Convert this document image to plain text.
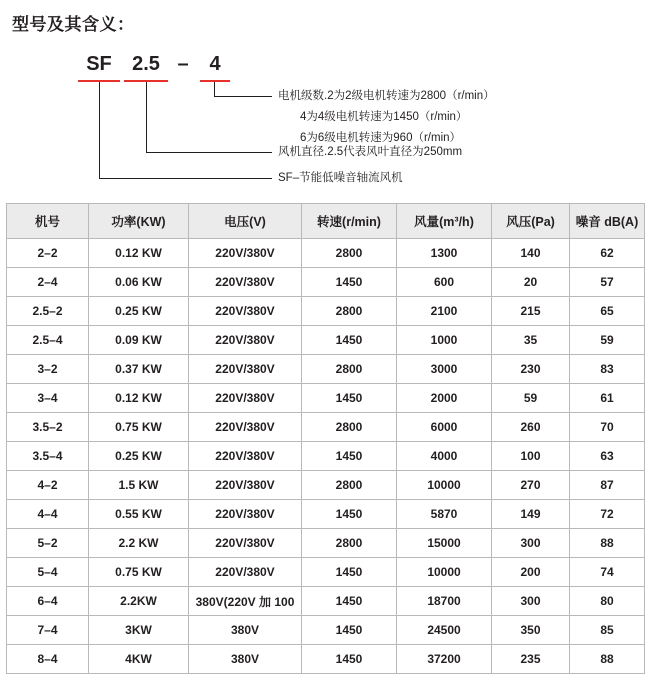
型号及其含义：
SF	2.5 –	4
电机级数.2为2级电机转速为2800（r/min）
4为4级电机转速为1450（r/min）
6为6级电机转速为960（r/min）
风机直径.2.5代表风叶直径为250mm
SF–节能低噪音轴流风机
机号	功率(KW)	电压(V)	转速(r/min)	风量(m³/h)	风压(Pa)	噪音 dB(A)
2–2	0.12 KW	220V/380V	2800	1300	140	62
2–4	0.06 KW	220V/380V	1450	600	20	57
2.5–2	0.25 KW	220V/380V	2800	2100	215	65
2.5–4	0.09 KW	220V/380V	1450	1000	35	59
3–2	0.37 KW	220V/380V	2800	3000	230	83
3–4	0.12 KW	220V/380V	1450	2000	59	61
3.5–2	0.75 KW	220V/380V	2800	6000	260	70
3.5–4	0.25 KW	220V/380V	1450	4000	100	63
4–2	1.5 KW	220V/380V	2800	10000	270	87
4–4	0.55 KW	220V/380V	1450	5870	149	72
5–2	2.2 KW	220V/380V	2800	15000	300	88
5–4	0.75 KW	220V/380V	1450	10000	200	74
6–4	2.2KW	380V(220V 加 100	1450	18700	300	80
7–4	3KW	380V	1450	24500	350	85
8–4	4KW	380V	1450	37200	235	88
